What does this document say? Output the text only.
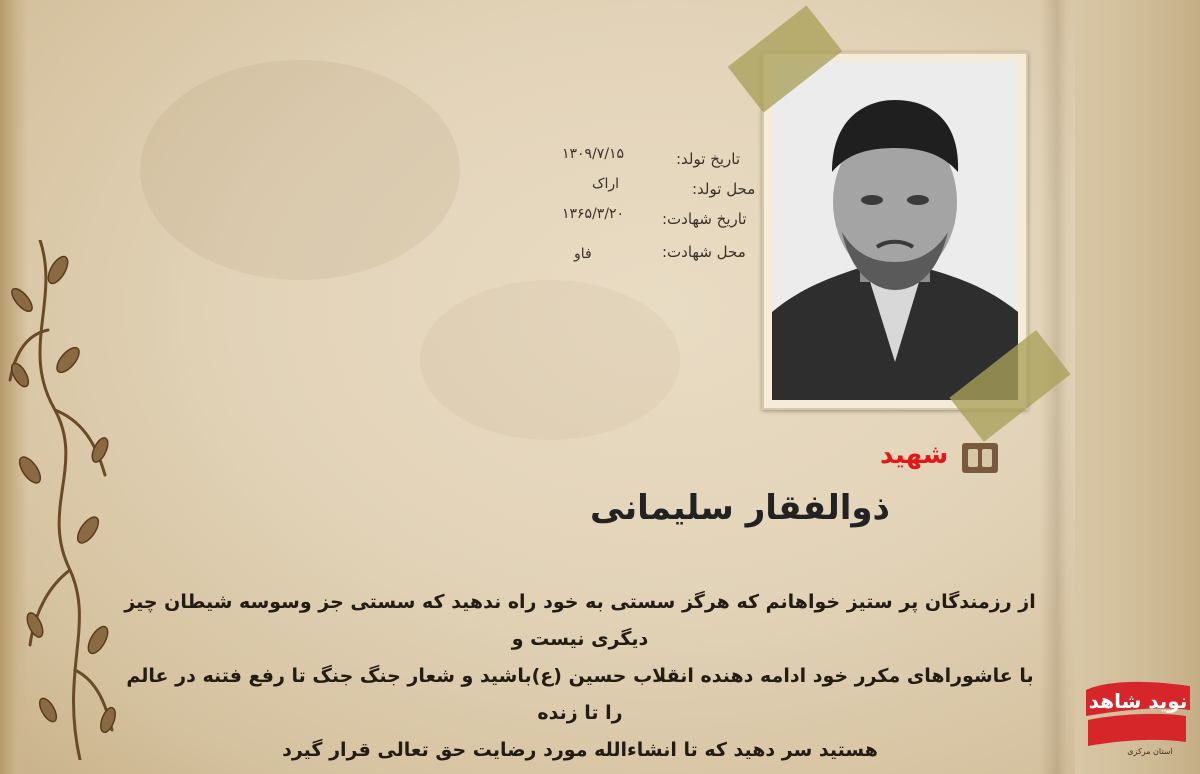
تاریخ تولد:
۱۳۰۹/۷/۱۵
محل تولد:
اراک
تاریخ شهادت:
۱۳۶۵/۳/۲۰
محل شهادت:
فاو
شهید
ذوالفقار سلیمانی
از رزمندگان پر ستیز خواهانم که هرگز سستی به خود راه ندهید که سستی جز وسوسه شیطان چیز دیگری نیست و
با عاشوراهای مکرر خود ادامه دهنده انقلاب حسین (ع)باشید و شعار جنگ جنگ تا رفع فتنه در عالم را تا زنده
هستید سر دهید که تا انشاءالله مورد رضایت حق تعالی قرار گیرد
نوید شاهد
استان مرکزی
